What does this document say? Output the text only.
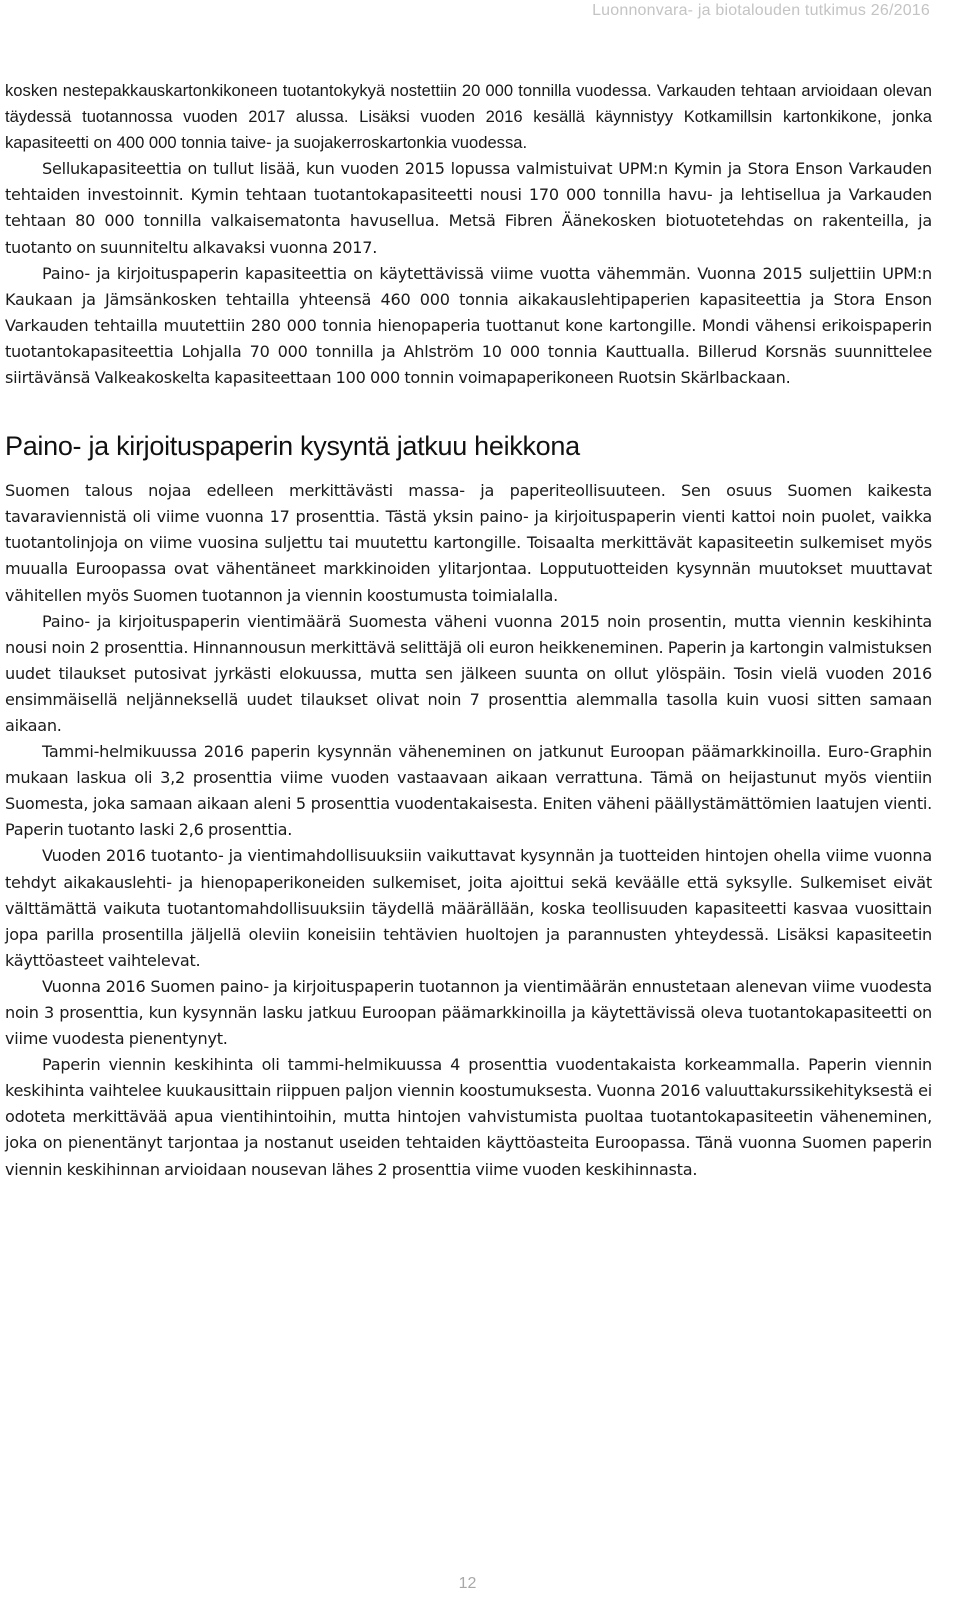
Luonnonvara- ja biotalouden tutkimus 26/2016

kosken nestepakkauskartonkikoneen tuotantokykyä nostettiin 20 000 tonnilla vuodessa. Varkauden tehtaan arvioidaan olevan täydessä tuotannossa vuoden 2017 alussa. Lisäksi vuoden 2016 kesällä käynnistyy Kotkamillsin kartonkikone, jonka kapasiteetti on 400 000 tonnia taive- ja suojakerroskartonkia vuodessa.

Sellukapasiteettia on tullut lisää, kun vuoden 2015 lopussa valmistuivat UPM:n Kymin ja Stora Enson Varkauden tehtaiden investoinnit. Kymin tehtaan tuotantokapasiteetti nousi 170 000 tonnilla havu- ja lehtisellua ja Varkauden tehtaan 80 000 tonnilla valkaisematonta havusellua. Metsä Fibren Äänekosken biotuotetehdas on rakenteilla, ja tuotanto on suunniteltu alkavaksi vuonna 2017.

Paino- ja kirjoituspaperin kapasiteettia on käytettävissä viime vuotta vähemmän. Vuonna 2015 suljettiin UPM:n Kaukaan ja Jämsänkosken tehtailla yhteensä 460 000 tonnia aikakauslehtipaperien kapasiteettia ja Stora Enson Varkauden tehtailla muutettiin 280 000 tonnia hienopaperia tuottanut kone kartongille. Mondi vähensi erikoispaperin tuotantokapasiteettia Lohjalla 70 000 tonnilla ja Ahlström 10 000 tonnia Kauttualla. Billerud Korsnäs suunnittelee siirtävänsä Valkeakoskelta kapasiteettaan 100 000 tonnin voimapaperikoneen Ruotsin Skärlbackaan.

Paino- ja kirjoituspaperin kysyntä jatkuu heikkona

Suomen talous nojaa edelleen merkittävästi massa- ja paperiteollisuuteen. Sen osuus Suomen kaikesta tavaraviennistä oli viime vuonna 17 prosenttia. Tästä yksin paino- ja kirjoituspaperin vienti kattoi noin puolet, vaikka tuotantolinjoja on viime vuosina suljettu tai muutettu kartongille. Toisaalta merkittävät kapasiteetin sulkemiset myös muualla Euroopassa ovat vähentäneet markkinoiden ylitarjontaa. Lopputuotteiden kysynnän muutokset muuttavat vähitellen myös Suomen tuotannon ja viennin koostumusta toimialalla.

Paino- ja kirjoituspaperin vientimäärä Suomesta väheni vuonna 2015 noin prosentin, mutta viennin keskihinta nousi noin 2 prosenttia. Hinnannousun merkittävä selittäjä oli euron heikkeneminen. Paperin ja kartongin valmistuksen uudet tilaukset putosivat jyrkästi elokuussa, mutta sen jälkeen suunta on ollut ylöspäin. Tosin vielä vuoden 2016 ensimmäisellä neljänneksellä uudet tilaukset olivat noin 7 prosenttia alemmalla tasolla kuin vuosi sitten samaan aikaan.

Tammi-helmikuussa 2016 paperin kysynnän väheneminen on jatkunut Euroopan päämarkkinoilla. Euro-Graphin mukaan laskua oli 3,2 prosenttia viime vuoden vastaavaan aikaan verrattuna. Tämä on heijastunut myös vientiin Suomesta, joka samaan aikaan aleni 5 prosenttia vuodentakaisesta. Eniten väheni päällystämättömien laatujen vienti. Paperin tuotanto laski 2,6 prosenttia.

Vuoden 2016 tuotanto- ja vientimahdollisuuksiin vaikuttavat kysynnän ja tuotteiden hintojen ohella viime vuonna tehdyt aikakauslehti- ja hienopaperikoneiden sulkemiset, joita ajoittui sekä keväälle että syksylle. Sulkemiset eivät välttämättä vaikuta tuotantomahdollisuuksiin täydellä määrällään, koska teollisuuden kapasiteetti kasvaa vuosittain jopa parilla prosentilla jäljellä oleviin koneisiin tehtävien huoltojen ja parannusten yhteydessä. Lisäksi kapasiteetin käyttöasteet vaihtelevat.

Vuonna 2016 Suomen paino- ja kirjoituspaperin tuotannon ja vientimäärän ennustetaan alenevan viime vuodesta noin 3 prosenttia, kun kysynnän lasku jatkuu Euroopan päämarkkinoilla ja käytettävissä oleva tuotantokapasiteetti on viime vuodesta pienentynyt.

Paperin viennin keskihinta oli tammi-helmikuussa 4 prosenttia vuodentakaista korkeammalla. Paperin viennin keskihinta vaihtelee kuukausittain riippuen paljon viennin koostumuksesta. Vuonna 2016 valuuttakurssikehityksestä ei odoteta merkittävää apua vientihintoihin, mutta hintojen vahvistumista puoltaa tuotantokapasiteetin väheneminen, joka on pienentänyt tarjontaa ja nostanut useiden tehtaiden käyttöasteita Euroopassa. Tänä vuonna Suomen paperin viennin keskihinnan arvioidaan nousevan lähes 2 prosenttia viime vuoden keskihinnasta.

12
